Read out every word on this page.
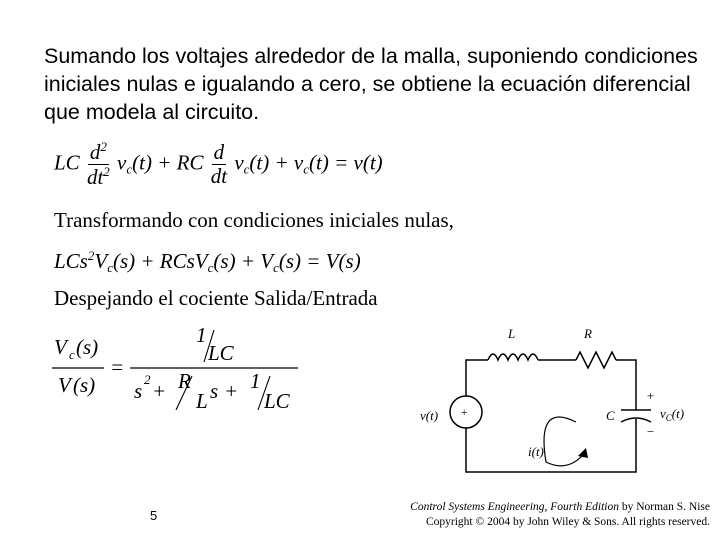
Sumando los voltajes alrededor de la malla, suponiendo condiciones iniciales nulas e igualando a cero, se obtiene la ecuación diferencial que modela al circuito.
LC $\frac{d^2}{dt^2} v_c(t)$ + RC $\frac{d}{dt} v_c(t) + v_c(t) = v(t)$
Transformando con condiciones iniciales nulas,
$LCs^2V_c(s)$ + RCsV$_c$(s) + $V_c(s) = V(s)$
Despejando el cociente Salida/Entrada
V c (s)
V (s)
=
1
LC
s 2 + R
L s + 1
LC
L	R
C
v(t) +
+
−
$v_C(t)$
i(t)
5
Control Systems Engineering, Fourth Edition by Norman S. Nise
Copyright © 2004 by John Wiley & Sons. All rights reserved.
